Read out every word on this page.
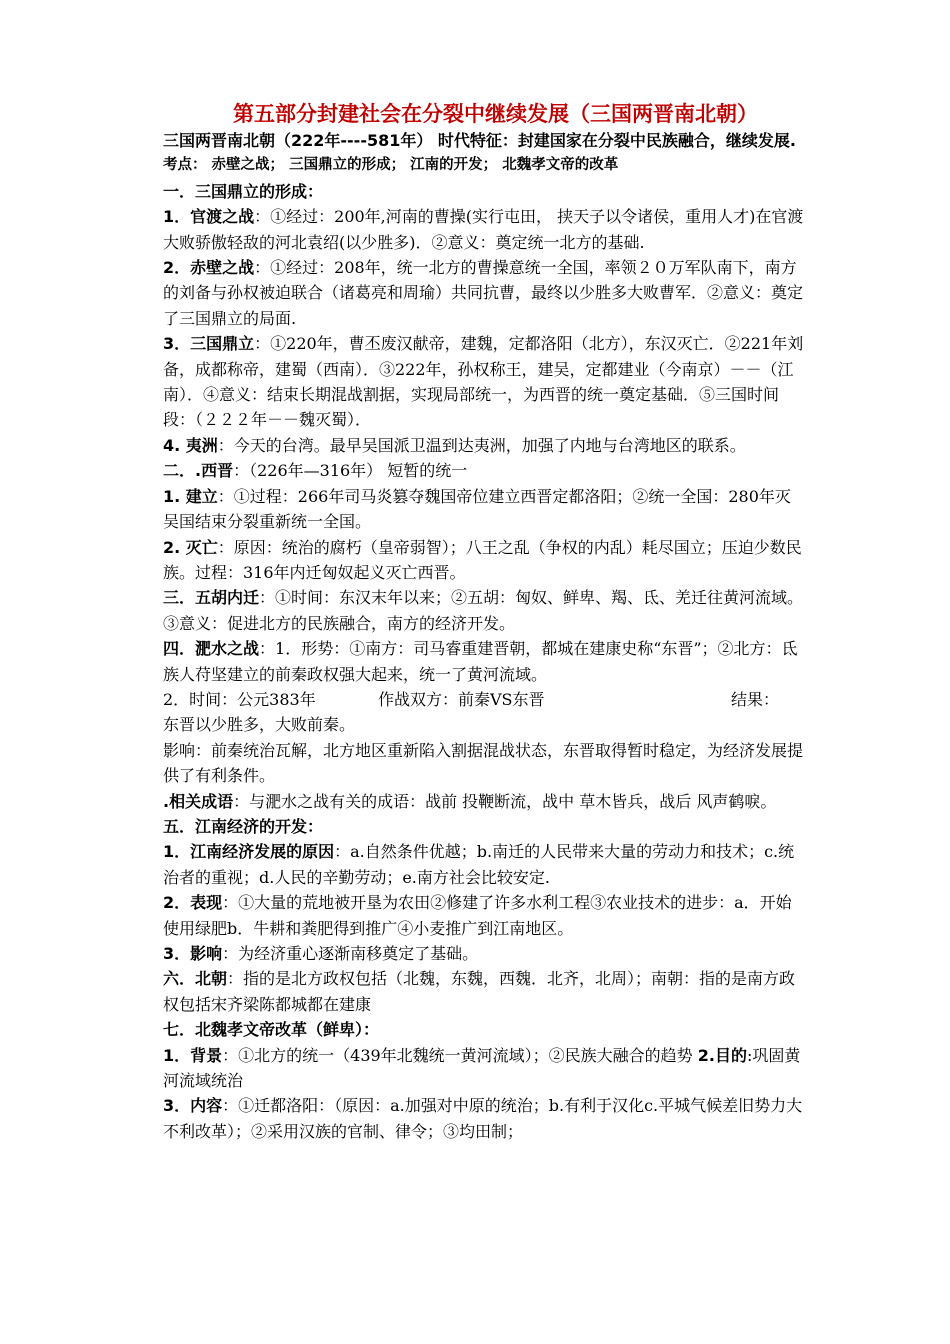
第五部分封建社会在分裂中继续发展（三国两晋南北朝）

三国两晋南北朝（222年----581年） 时代特征：封建国家在分裂中民族融合，继续发展.

考点： 赤壁之战； 三国鼎立的形成； 江南的开发； 北魏孝文帝的改革

一．三国鼎立的形成：

1．官渡之战：①经过：200年,河南的曹操(实行屯田， 挟天子以令诸侯，重用人才)在官渡大败骄傲轻敌的河北袁绍(以少胜多)．②意义：奠定统一北方的基础.

2．赤壁之战：①经过：208年，统一北方的曹操意统一全国，率领２０万军队南下，南方的刘备与孙权被迫联合（诸葛亮和周瑜）共同抗曹，最终以少胜多大败曹军．②意义：奠定了三国鼎立的局面.

3．三国鼎立：①220年，曹丕废汉献帝，建魏，定都洛阳（北方），东汉灭亡．②221年刘备，成都称帝，建蜀（西南）．③222年，孙权称王，建吴，定都建业（今南京）－－（江南）．④意义：结束长期混战割据，实现局部统一，为西晋的统一奠定基础．⑤三国时间段：（２２２年－－魏灭蜀）．

4. 夷洲：今天的台湾。最早吴国派卫温到达夷洲，加强了内地与台湾地区的联系。

二．.西晋：（226年—316年） 短暂的统一

1. 建立：①过程：266年司马炎篡夺魏国帝位建立西晋定都洛阳；②统一全国：280年灭吴国结束分裂重新统一全国。

2. 灭亡：原因：统治的腐朽（皇帝弱智）；八王之乱（争权的内乱）耗尽国立；压迫少数民族。过程：316年内迁匈奴起义灭亡西晋。

三．五胡内迁：①时间：东汉末年以来；②五胡：匈奴、鲜卑、羯、氐、羌迁往黄河流域。③意义：促进北方的民族融合，南方的经济开发。

四．淝水之战：1．形势：①南方：司马睿重建晋朝，都城在建康史称“东晋”；②北方：氐族人苻坚建立的前秦政权强大起来，统一了黄河流域。

2．时间：公元383年	作战双方：前秦VS东晋	结果：

东晋以少胜多，大败前秦。

影响：前秦统治瓦解，北方地区重新陷入割据混战状态，东晋取得暂时稳定，为经济发展提供了有利条件。

.相关成语：与淝水之战有关的成语：战前 投鞭断流，战中 草木皆兵，战后 风声鹤唳。

五．江南经济的开发：

1．江南经济发展的原因：a.自然条件优越；b.南迁的人民带来大量的劳动力和技术；c.统治者的重视；d.人民的辛勤劳动；e.南方社会比较安定.

2．表现：①大量的荒地被开垦为农田②修建了许多水利工程③农业技术的进步：a．开始使用绿肥b．牛耕和粪肥得到推广④小麦推广到江南地区。

3．影响：为经济重心逐渐南移奠定了基础。

六．北朝：指的是北方政权包括（北魏，东魏，西魏．北齐，北周）；南朝：指的是南方政权包括宋齐梁陈都城都在建康

七．北魏孝文帝改革（鲜卑）：

1．背景：①北方的统一（439年北魏统一黄河流域）；②民族大融合的趋势 2.目的:巩固黄河流域统治

3．内容：①迁都洛阳：（原因：a.加强对中原的统治；b.有利于汉化c.平城气候差旧势力大不利改革）；②采用汉族的官制、律令；③均田制；
